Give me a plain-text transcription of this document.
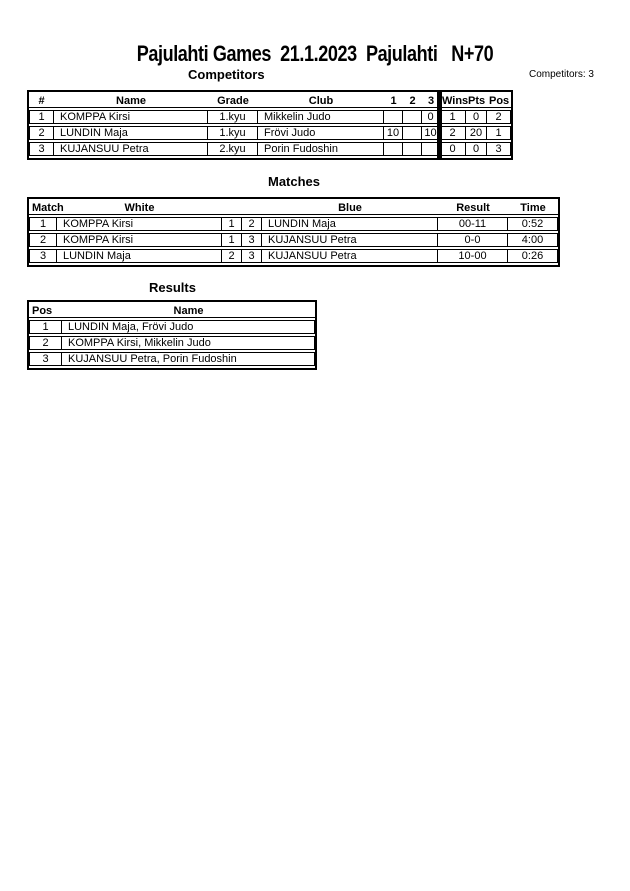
Pajulahti Games  21.1.2023  Pajulahti   N+70
Competitors	Competitors: 3
#	Name	Grade	Club	1	2	3	Wins	Pts	Pos
1	KOMPPA Kirsi	1.kyu	Mikkelin Judo			0	1	0	2
2	LUNDIN Maja	1.kyu	Frövi Judo	10		10	2	20	1
3	KUJANSUU Petra	2.kyu	Porin Fudoshin				0	0	3
Matches
Match	White			Blue	Result	Time
1	KOMPPA Kirsi	1	2	LUNDIN Maja	00-11	0:52
2	KOMPPA Kirsi	1	3	KUJANSUU Petra	0-0	4:00
3	LUNDIN Maja	2	3	KUJANSUU Petra	10-00	0:26
Results
Pos	Name
1	LUNDIN Maja, Frövi Judo
2	KOMPPA Kirsi, Mikkelin Judo
3	KUJANSUU Petra, Porin Fudoshin
